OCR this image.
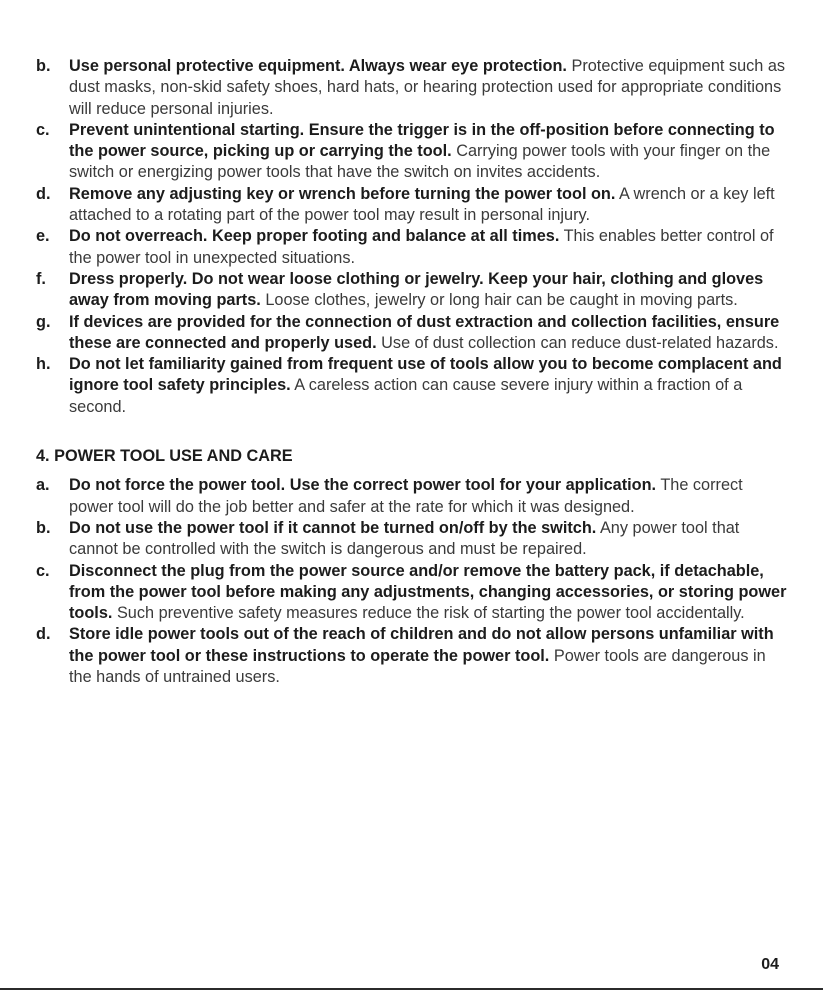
b.	Use personal protective equipment. Always wear eye protection. Protective equipment such as dust masks, non-skid safety shoes, hard hats, or hearing protection used for appropriate conditions will reduce personal injuries.
c.	Prevent unintentional starting. Ensure the trigger is in the off-position before connecting to the power source, picking up or carrying the tool. Carrying power tools with your finger on the switch or energizing power tools that have the switch on invites accidents.
d.	Remove any adjusting key or wrench before turning the power tool on. A wrench or a key left attached to a rotating part of the power tool may result in personal injury.
e.	Do not overreach. Keep proper footing and balance at all times. This enables better control of the power tool in unexpected situations.
f.	Dress properly. Do not wear loose clothing or jewelry. Keep your hair, clothing and gloves away from moving parts. Loose clothes, jewelry or long hair can be caught in moving parts.
g.	If devices are provided for the connection of dust extraction and collection facilities, ensure these are connected and properly used. Use of dust collection can reduce dust-related hazards.
h.	Do not let familiarity gained from frequent use of tools allow you to become complacent and ignore tool safety principles. A careless action can cause severe injury within a fraction of a second.
4. POWER TOOL USE AND CARE
a.	Do not force the power tool. Use the correct power tool for your application. The correct power tool will do the job better and safer at the rate for which it was designed.
b.	Do not use the power tool if it cannot be turned on/off by the switch. Any power tool that cannot be controlled with the switch is dangerous and must be repaired.
c.	Disconnect the plug from the power source and/or remove the battery pack, if detachable, from the power tool before making any adjustments, changing accessories, or storing power tools. Such preventive safety measures reduce the risk of starting the power tool accidentally.
d.	Store idle power tools out of the reach of children and do not allow persons unfamiliar with the power tool or these instructions to operate the power tool. Power tools are dangerous in the hands of untrained users.
04
